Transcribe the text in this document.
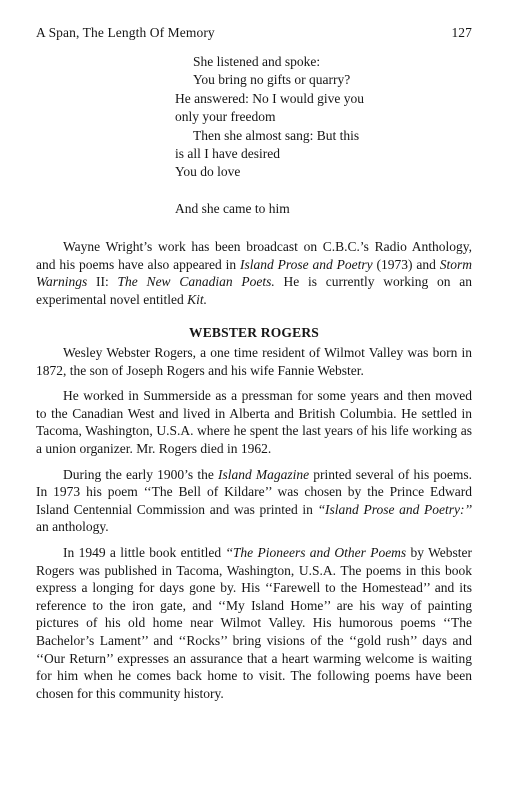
A Span, The Length Of Memory	127
She listened and spoke:
You bring no gifts or quarry?
He answered: No I would give you
only your freedom
Then she almost sang: But this
is all I have desired
You do love
And she came to him

Wayne Wright’s work has been broadcast on C.B.C.’s Radio Anthology, and his poems have also appeared in Island Prose and Poetry (1973) and Storm Warnings II: The New Canadian Poets. He is currently working on an experimental novel entitled Kit.

WEBSTER ROGERS

Wesley Webster Rogers, a one time resident of Wilmot Valley was born in 1872, the son of Joseph Rogers and his wife Fannie Webster.

He worked in Summerside as a pressman for some years and then moved to the Canadian West and lived in Alberta and British Columbia. He settled in Tacoma, Washington, U.S.A. where he spent the last years of his life working as a union organizer. Mr. Rogers died in 1962.

During the early 1900’s the Island Magazine printed several of his poems. In 1973 his poem ‘‘The Bell of Kildare’’ was chosen by the Prince Edward Island Centennial Commission and was printed in ‘‘Island Prose and Poetry:’’ an anthology.

In 1949 a little book entitled ‘‘The Pioneers and Other Poems by Webster Rogers was published in Tacoma, Washington, U.S.A. The poems in this book express a longing for days gone by. His ‘‘Farewell to the Homestead’’ and its reference to the iron gate, and ‘‘My Island Home’’ are his way of painting pictures of his old home near Wilmot Valley. His humorous poems ‘‘The Bachelor’s Lament’’ and ‘‘Rocks’’ bring visions of the ‘‘gold rush’’ days and ‘‘Our Return’’ expresses an assurance that a heart warming welcome is waiting for him when he comes back home to visit. The following poems have been chosen for this community history.
